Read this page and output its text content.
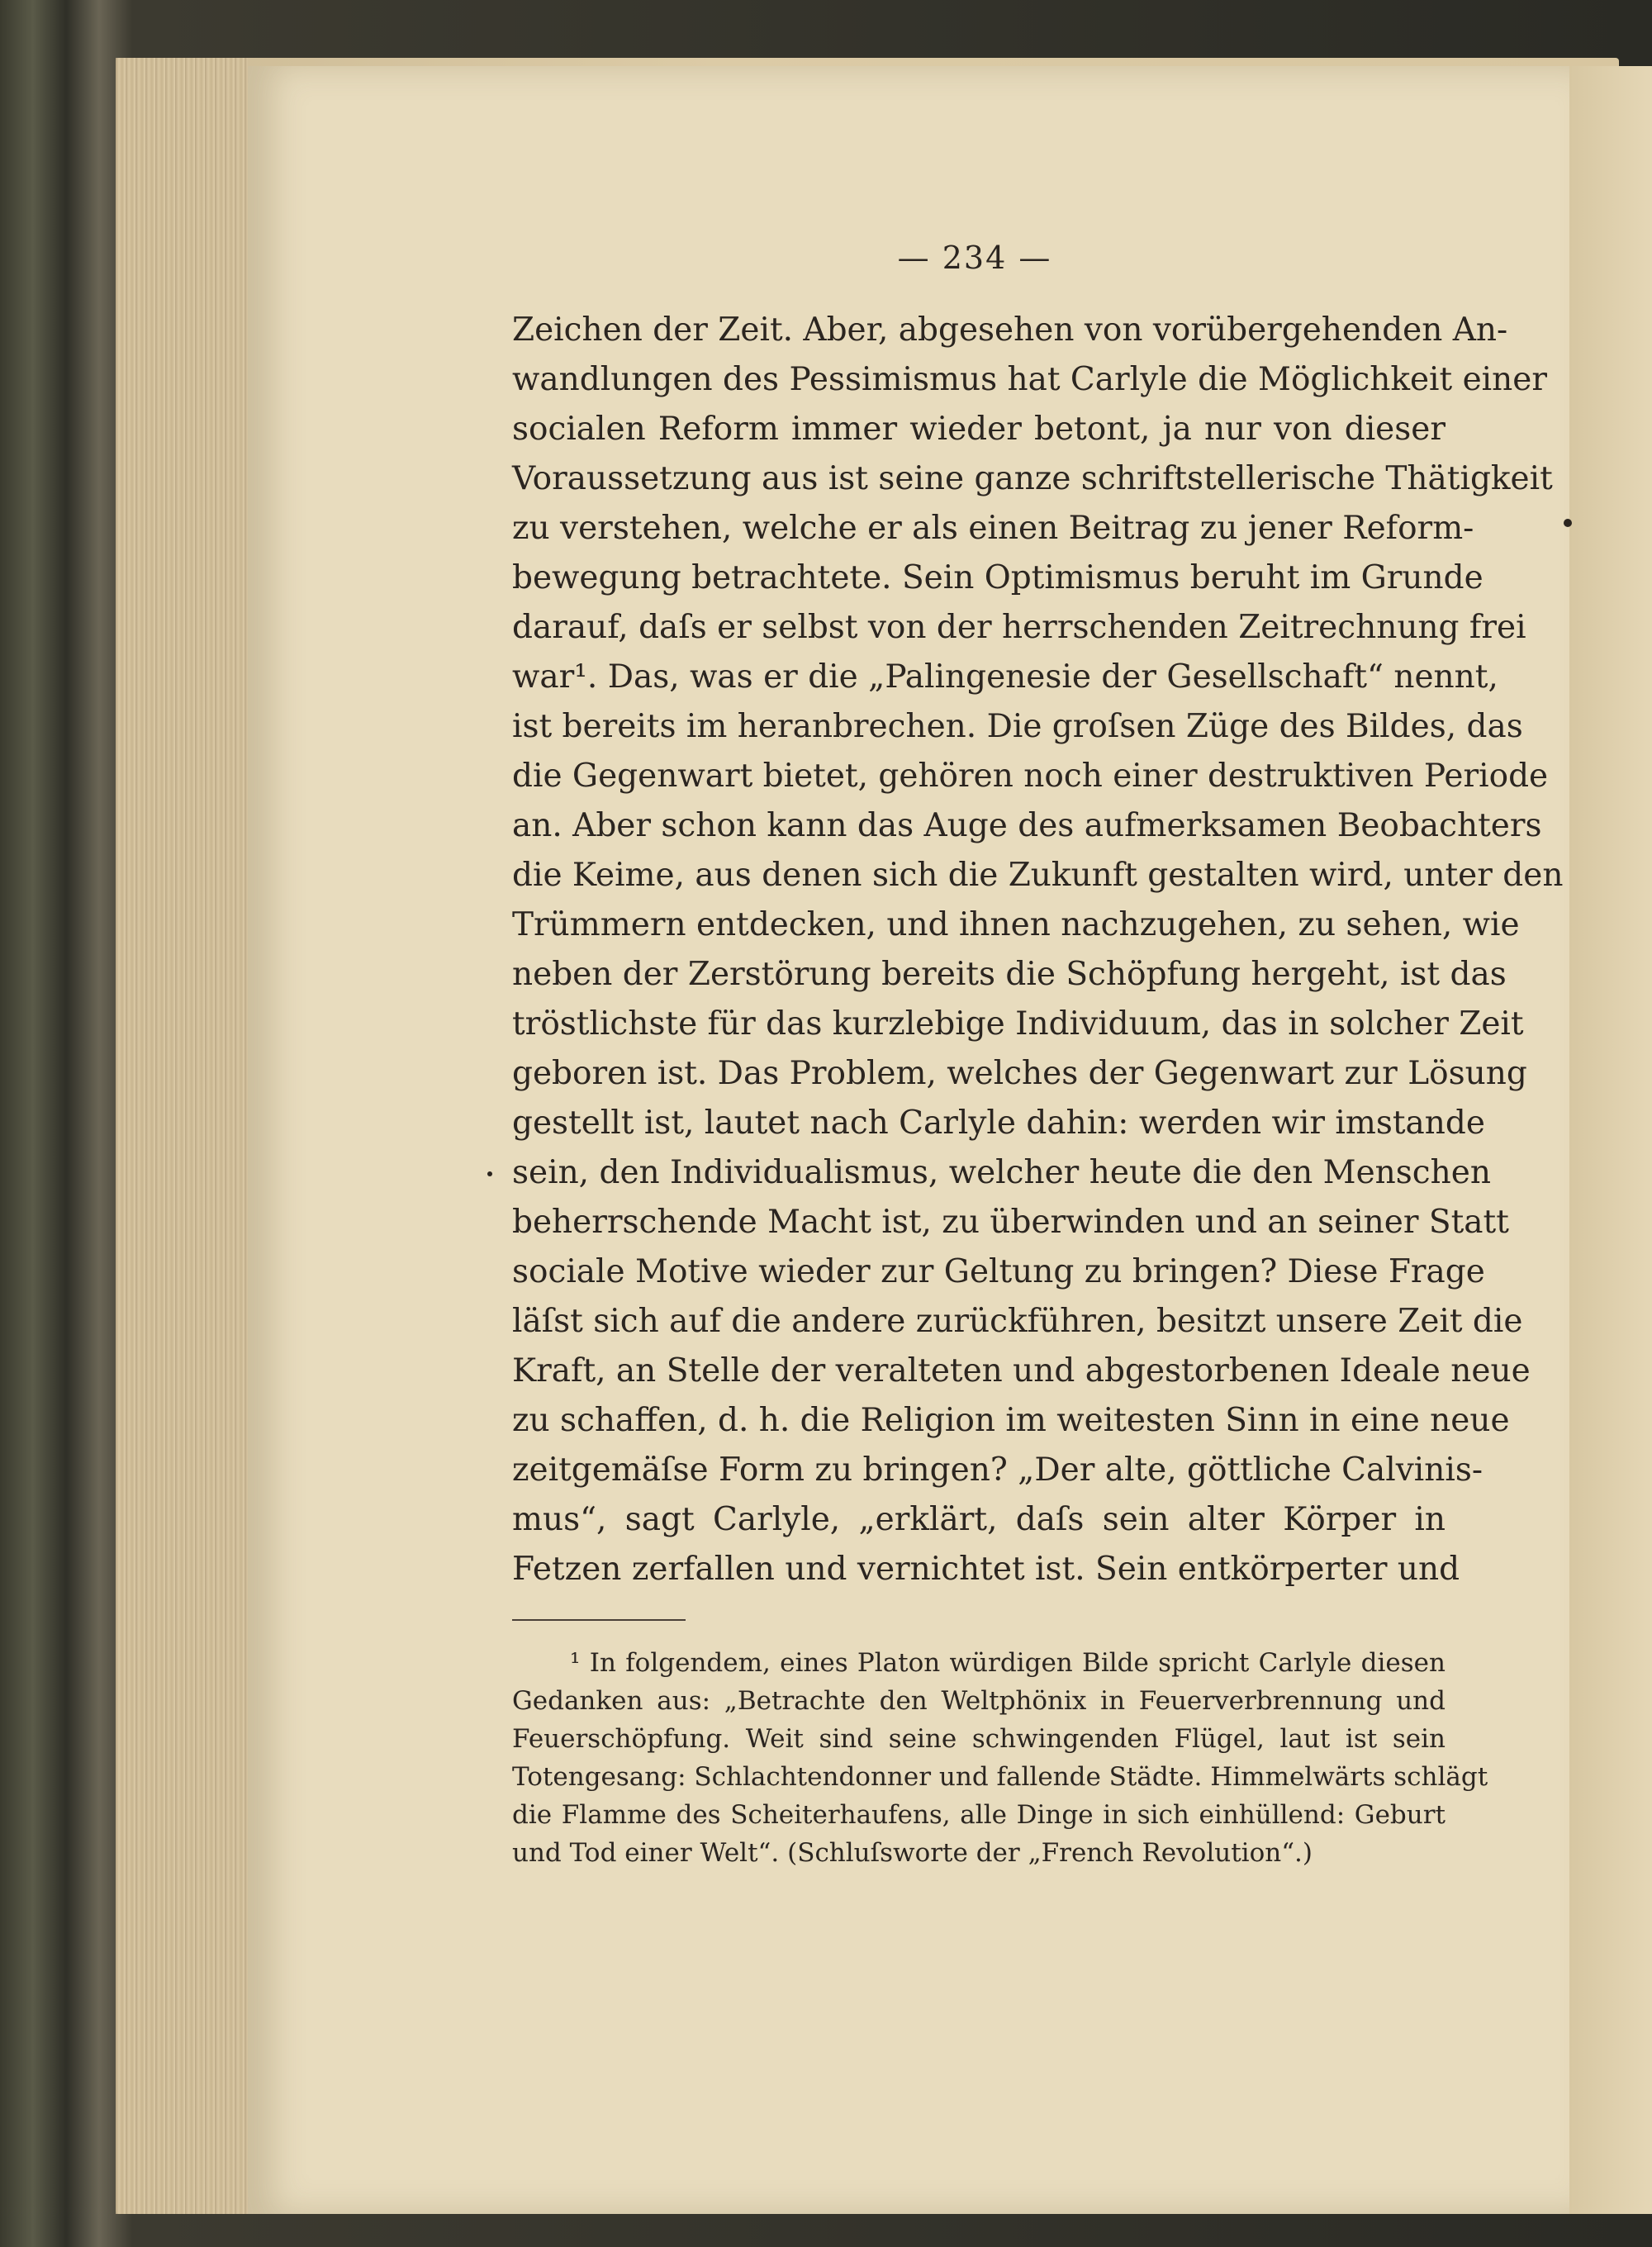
— 234 —
Zeichen der Zeit. Aber, abgesehen von vorübergehenden An-
wandlungen des Pessimismus hat Carlyle die Möglichkeit einer
socialen Reform immer wieder betont, ja nur von dieser
Voraussetzung aus ist seine ganze schriftstellerische Thätigkeit
zu verstehen, welche er als einen Beitrag zu jener Reform-
bewegung betrachtete. Sein Optimismus beruht im Grunde
darauf, daſs er selbst von der herrschenden Zeitrechnung frei
war¹. Das, was er die „Palingenesie der Gesellschaft“ nennt,
ist bereits im heranbrechen. Die groſsen Züge des Bildes, das
die Gegenwart bietet, gehören noch einer destruktiven Periode
an. Aber schon kann das Auge des aufmerksamen Beobachters
die Keime, aus denen sich die Zukunft gestalten wird, unter den
Trümmern entdecken, und ihnen nachzugehen, zu sehen, wie
neben der Zerstörung bereits die Schöpfung hergeht, ist das
tröstlichste für das kurzlebige Individuum, das in solcher Zeit
geboren ist. Das Problem, welches der Gegenwart zur Lösung
gestellt ist, lautet nach Carlyle dahin: werden wir imstande
sein, den Individualismus, welcher heute die den Menschen
beherrschende Macht ist, zu überwinden und an seiner Statt
sociale Motive wieder zur Geltung zu bringen? Diese Frage
läſst sich auf die andere zurückführen, besitzt unsere Zeit die
Kraft, an Stelle der veralteten und abgestorbenen Ideale neue
zu schaffen, d. h. die Religion im weitesten Sinn in eine neue
zeitgemäſse Form zu bringen? „Der alte, göttliche Calvinis-
mus“, sagt Carlyle, „erklärt, daſs sein alter Körper in
Fetzen zerfallen und vernichtet ist. Sein entkörperter und
¹ In folgendem, eines Platon würdigen Bilde spricht Carlyle diesen
Gedanken aus: „Betrachte den Weltphönix in Feuerverbrennung und
Feuerschöpfung. Weit sind seine schwingenden Flügel, laut ist sein
Totengesang: Schlachtendonner und fallende Städte. Himmelwärts schlägt
die Flamme des Scheiterhaufens, alle Dinge in sich einhüllend: Geburt
und Tod einer Welt“. (Schluſsworte der „French Revolution“.)
